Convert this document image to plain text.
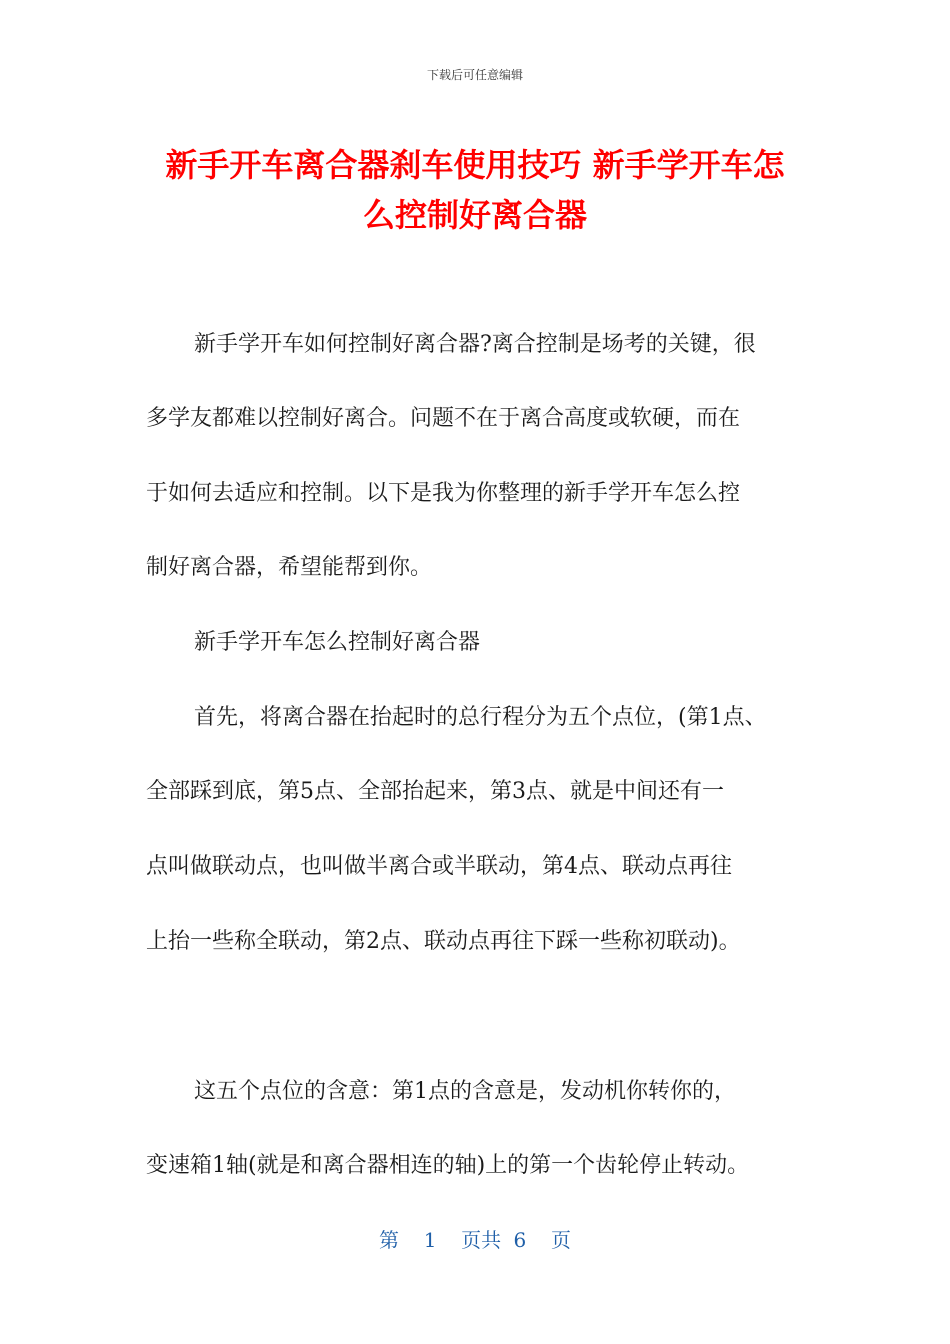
下载后可任意编辑
新手开车离合器刹车使用技巧 新手学开车怎
么控制好离合器
新手学开车如何控制好离合器?离合控制是场考的关键，很
多学友都难以控制好离合。问题不在于离合高度或软硬，而在
于如何去适应和控制。以下是我为你整理的新手学开车怎么控
制好离合器，希望能帮到你。
新手学开车怎么控制好离合器
首先，将离合器在抬起时的总行程分为五个点位，(第1点、
全部踩到底，第5点、全部抬起来，第3点、就是中间还有一
点叫做联动点，也叫做半离合或半联动，第4点、联动点再往
上抬一些称全联动，第2点、联动点再往下踩一些称初联动)。
这五个点位的含意：第1点的含意是，发动机你转你的，
变速箱1轴(就是和离合器相连的轴)上的第一个齿轮停止转动。
第  1  页共 6  页
